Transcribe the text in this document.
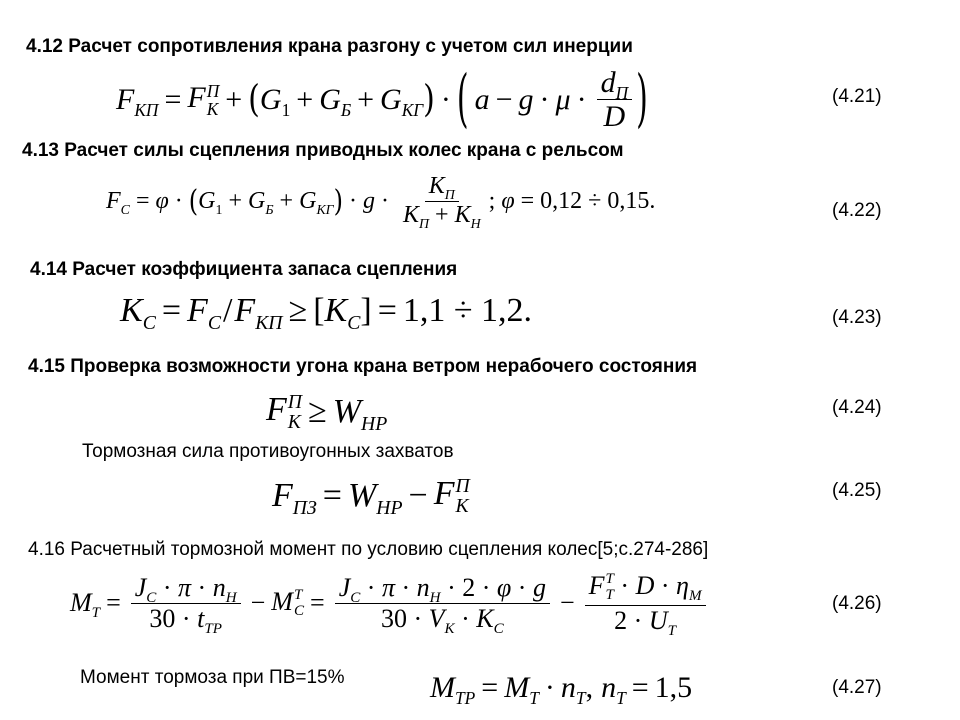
4.12 Расчет сопротивления крана разгону с учетом сил инерции
$F_{КП} = F$ П
К + ( $G_1 + G_Б + G_{КГ}$ ) · ( $a - g \cdot \mu \cdot \frac{d_П}{D}$ )	(4.21)
4.13 Расчет силы сцепления приводных колес крана с рельсом
$F_C = \varphi$ · ( $G_1 + G_Б + G_{КГ}$ ) · $g \cdot \frac{K_П}{K_П + K_Н}$ ; φ = 0,12 ÷ 0,15.	(4.22)
4.14 Расчет коэффициента запаса сцепления
$K_C = F_C / F_{КП}$ ≥ [ $K_C$ ] = 1,1 ÷ 1,2.	(4.23)
4.15 Проверка возможности угона крана ветром нерабочего состояния
F П
$К \ge W_{НР}$
(4.24)
Тормозная сила противоугонных захватов
$F_{ПЗ} = W_{НР} - F$ П
К
(4.25)
4.16 Расчетный тормозной момент по условию сцепления колес[5;с.274-286]
$M_Т = \frac{J_C \cdot \pi \cdot n_Н}{30 \cdot t_{ТР}} - M$ Т
$C = \frac{J_C \cdot \pi \cdot n_Н \cdot 2 \cdot \varphi \cdot g}{30 \cdot V_К \cdot K_C} - F$ Т
$Т \cdot D \cdot \eta_М$
$2 \cdot U_Т$	(4.26)
Момент тормоза при ПВ=15%	$M_{ТР} = M_Т \cdot n_Т$ , $n_Т = 1,5$	(4.27)
